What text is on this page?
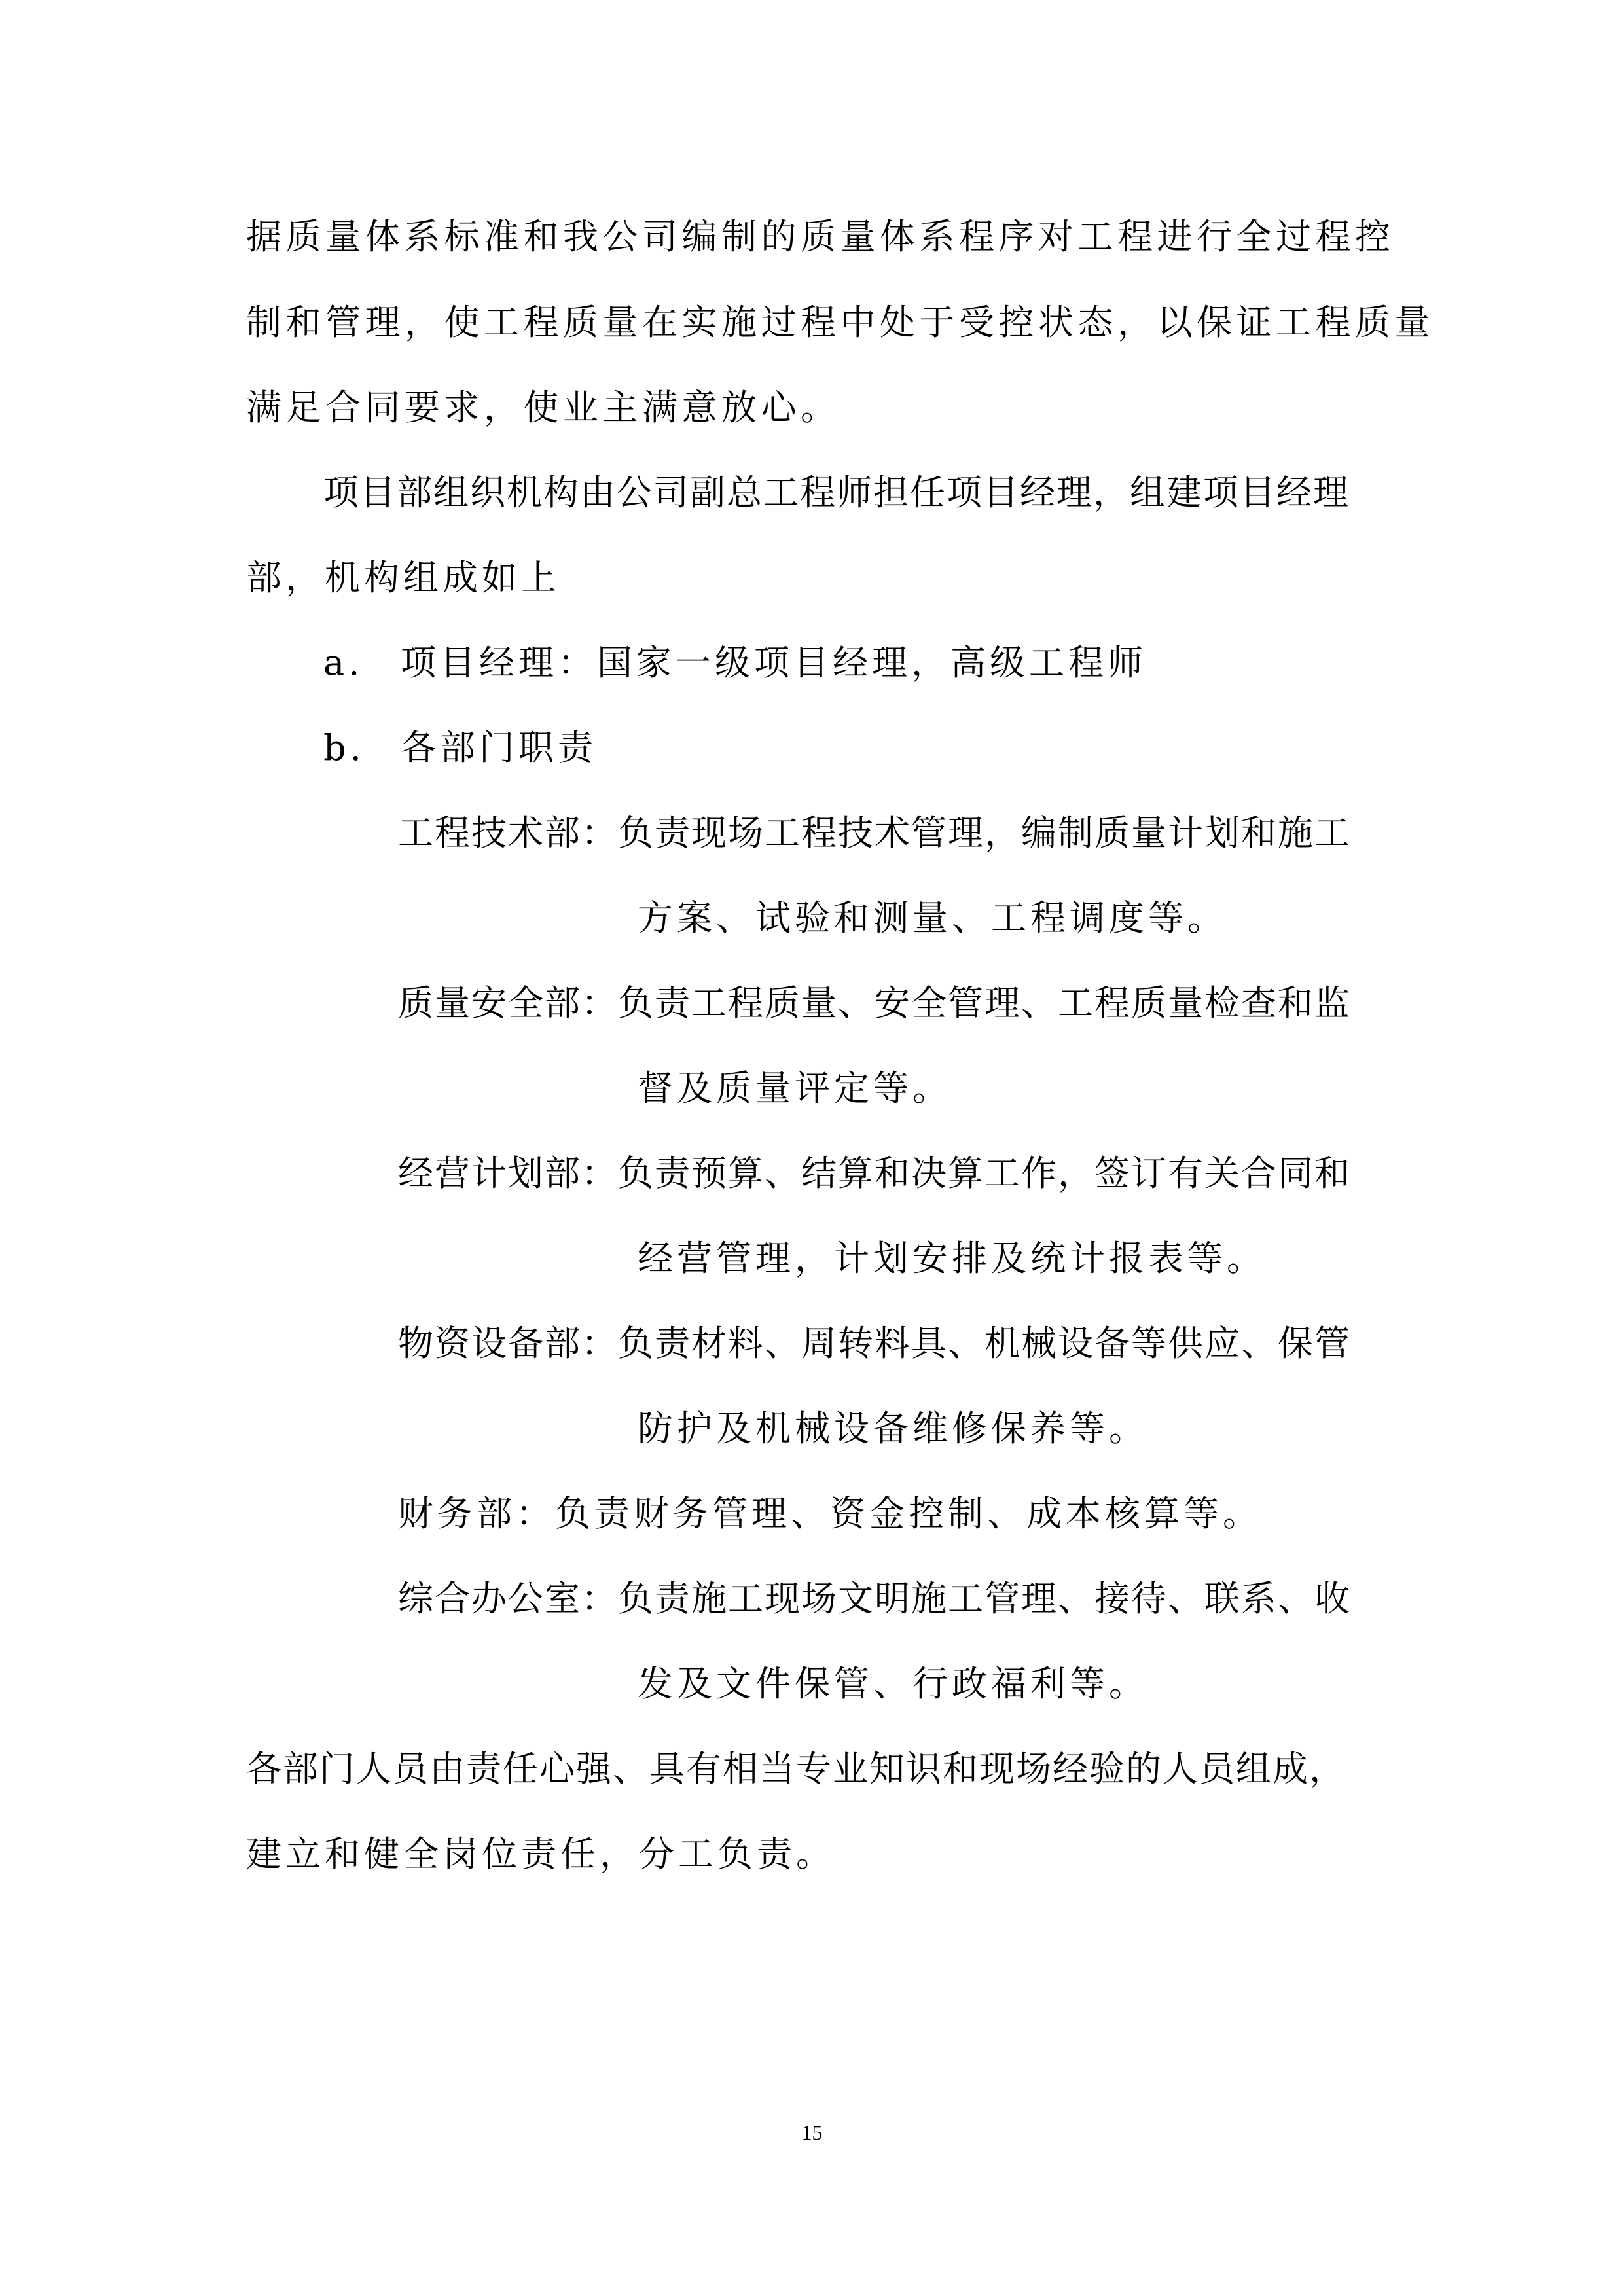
据质量体系标准和我公司编制的质量体系程序对工程进行全过程控
制和管理，使工程质量在实施过程中处于受控状态，以保证工程质量
满足合同要求，使业主满意放心。
项目部组织机构由公司副总工程师担任项目经理，组建项目经理
部，机构组成如上
a. 项目经理：国家一级项目经理，高级工程师
b. 各部门职责
工程技术部：负责现场工程技术管理，编制质量计划和施工
方案、试验和测量、工程调度等。
质量安全部：负责工程质量、安全管理、工程质量检查和监
督及质量评定等。
经营计划部：负责预算、结算和决算工作，签订有关合同和
经营管理，计划安排及统计报表等。
物资设备部：负责材料、周转料具、机械设备等供应、保管
防护及机械设备维修保养等。
财务部：负责财务管理、资金控制、成本核算等。
综合办公室：负责施工现场文明施工管理、接待、联系、收
发及文件保管、行政福利等。
各部门人员由责任心强、具有相当专业知识和现场经验的人员组成，
建立和健全岗位责任，分工负责。
15
